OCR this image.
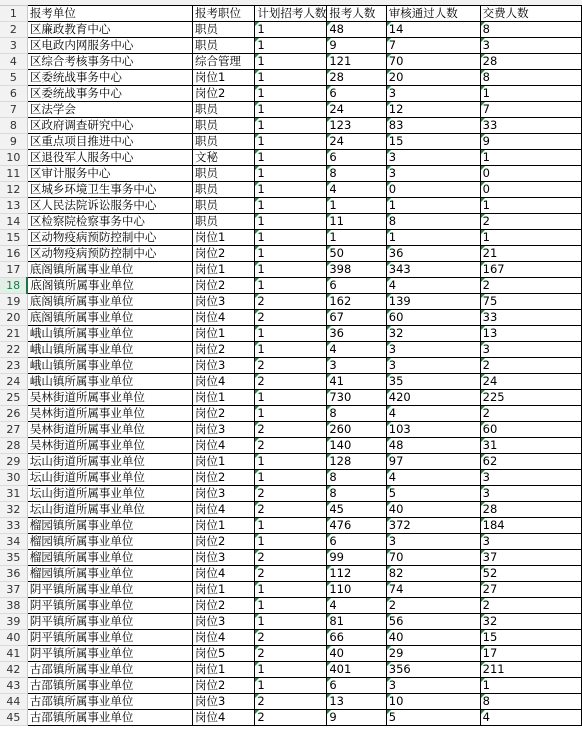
1	报考单位	报考职位	计划招考人数	报考人数	审核通过人数	交费人数
2	区廉政教育中心	职员	1	48	14	8
3	区电政内网服务中心	职员	1	9	7	3
4	区综合考核事务中心	综合管理	1	121	70	28
5	区委统战事务中心	岗位1	1	28	20	8
6	区委统战事务中心	岗位2	1	6	3	1
7	区法学会	职员	1	24	12	7
8	区政府调查研究中心	职员	1	123	83	33
9	区重点项目推进中心	职员	1	24	15	9
10	区退役军人服务中心	文秘	1	6	3	1
11	区审计服务中心	职员	1	8	3	0
12	区城乡环境卫生事务中心	职员	1	4	0	0
13	区人民法院诉讼服务中心	职员	1	1	1	1
14	区检察院检察事务中心	职员	1	11	8	2
15	区动物疫病预防控制中心	岗位1	1	1	1	1
16	区动物疫病预防控制中心	岗位2	1	50	36	21
17	底阁镇所属事业单位	岗位1	1	398	343	167
18	底阁镇所属事业单位	岗位2	1	6	4	2
19	底阁镇所属事业单位	岗位3	2	162	139	75
20	底阁镇所属事业单位	岗位4	2	67	60	33
21	峨山镇所属事业单位	岗位1	1	36	32	13
22	峨山镇所属事业单位	岗位2	1	4	3	3
23	峨山镇所属事业单位	岗位3	2	3	3	2
24	峨山镇所属事业单位	岗位4	2	41	35	24
25	吴林街道所属事业单位	岗位1	1	730	420	225
26	吴林街道所属事业单位	岗位2	1	8	4	2
27	吴林街道所属事业单位	岗位3	2	260	103	60
28	吴林街道所属事业单位	岗位4	2	140	48	31
29	坛山街道所属事业单位	岗位1	1	128	97	62
30	坛山街道所属事业单位	岗位2	1	8	4	3
31	坛山街道所属事业单位	岗位3	2	8	5	3
32	坛山街道所属事业单位	岗位4	2	45	40	28
33	榴园镇所属事业单位	岗位1	1	476	372	184
34	榴园镇所属事业单位	岗位2	1	6	3	3
35	榴园镇所属事业单位	岗位3	2	99	70	37
36	榴园镇所属事业单位	岗位4	2	112	82	52
37	阴平镇所属事业单位	岗位1	1	110	74	27
38	阴平镇所属事业单位	岗位2	1	4	2	2
39	阴平镇所属事业单位	岗位3	1	81	56	32
40	阴平镇所属事业单位	岗位4	2	66	40	15
41	阴平镇所属事业单位	岗位5	2	40	29	17
42	古邵镇所属事业单位	岗位1	1	401	356	211
43	古邵镇所属事业单位	岗位2	1	6	3	1
44	古邵镇所属事业单位	岗位3	2	13	10	8
45	古邵镇所属事业单位	岗位4	2	9	5	4
